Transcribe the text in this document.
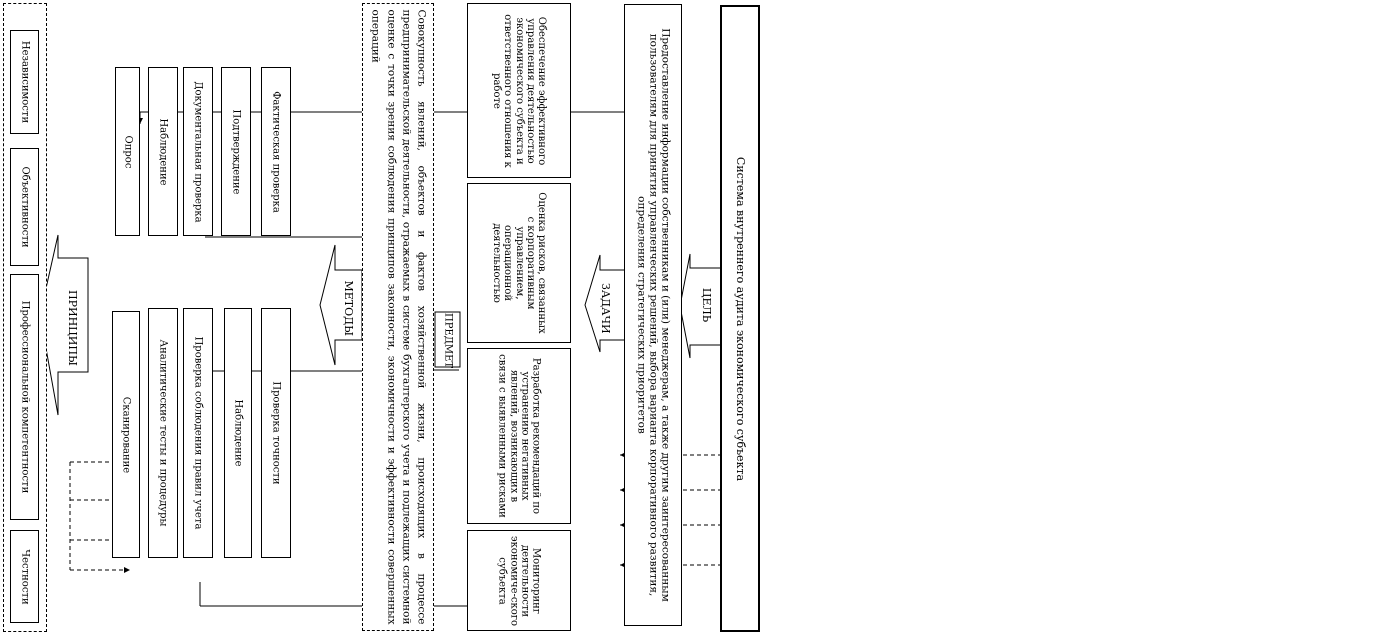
Система внутреннего аудита экономического субъекта
Предоставление информации собственникам и (или) менеджерам, а также другим заинтересованным пользователям для принятия управленческих решений, выбора варианта корпоративного развития, определения стратегических приоритетов	ЦЕЛЬ
ЗАДАЧИ
Обеспечение эффективного управления деятельностью экономического субъекта и ответственного отношения к работе
Оценка рисков, связанных с корпоративным управлением, операционной деятельностью
Разработка рекомендаций по устранению негативных явлений, возникающих в связи с выявленными рисками
Мониторинг деятельности экономиче-ского субъекта
ПРЕДМЕТ
Совокупность явлений, объектов и фактов хозяйственной жизни, происходящих в процессе предпринимательской деятельности, отражаемых в системе бухгалтерского учета и подлежащих системной оценке с точки зрения соблюдения принципов законности, экономичности и эффективности совершенных операций
МЕТОДЫ
Фактическая проверка
Подтверждение
Документальная проверка
Наблюдение
Опрос
Проверка точности
Наблюдение
Проверка соблюдения правил учета
Аналитические тесты и процедуры
Сканирование
ПРИНЦИПЫ
Независимости
Объективности
Профессиональной компетентности
Честности
